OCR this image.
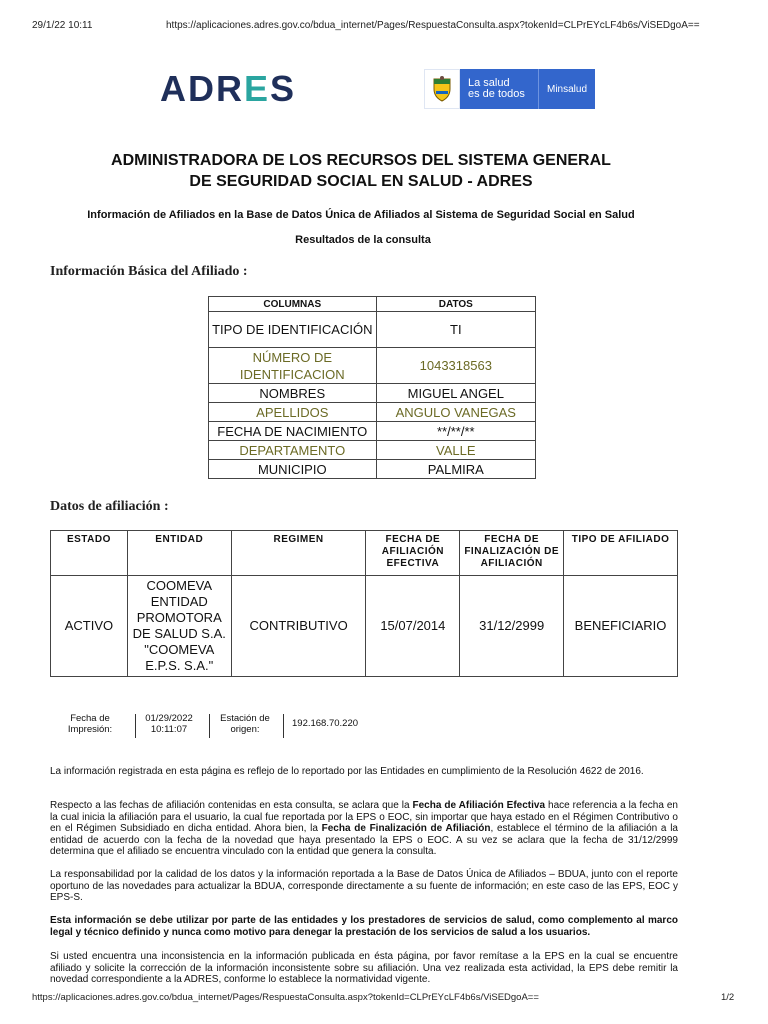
29/1/22 10:11	https://aplicaciones.adres.gov.co/bdua_internet/Pages/RespuestaConsulta.aspx?tokenId=CLPrEYcLF4b6s/ViSEDgoA==
ADRES	La salud
es de todos	Minsalud
ADMINISTRADORA DE LOS RECURSOS DEL SISTEMA GENERAL
DE SEGURIDAD SOCIAL EN SALUD - ADRES
Información de Afiliados en la Base de Datos Única de Afiliados al Sistema de Seguridad Social en Salud
Resultados de la consulta
Información Básica del Afiliado :
COLUMNAS	DATOS
TIPO DE IDENTIFICACIÓN	TI
NÚMERO DE IDENTIFICACION	1043318563
NOMBRES	MIGUEL ANGEL
APELLIDOS	ANGULO VANEGAS
FECHA DE NACIMIENTO	**/**/**
DEPARTAMENTO	VALLE
MUNICIPIO	PALMIRA
Datos de afiliación :
ESTADO	ENTIDAD	REGIMEN	FECHA DE AFILIACIÓN EFECTIVA	FECHA DE FINALIZACIÓN DE AFILIACIÓN	TIPO DE AFILIADO
ACTIVO	COOMEVA ENTIDAD PROMOTORA DE SALUD S.A. "COOMEVA E.P.S. S.A."	CONTRIBUTIVO	15/07/2014	31/12/2999	BENEFICIARIO
Fecha de Impresión:
01/29/2022 10:11:07
Estación de origen:
192.168.70.220
La información registrada en esta página es reflejo de lo reportado por las Entidades en cumplimiento de la Resolución 4622 de 2016.
Respecto a las fechas de afiliación contenidas en esta consulta, se aclara que la Fecha de Afiliación Efectiva hace referencia a la fecha en la cual inicia la afiliación para el usuario, la cual fue reportada por la EPS o EOC, sin importar que haya estado en el Régimen Contributivo o en el Régimen Subsidiado en dicha entidad. Ahora bien, la Fecha de Finalización de Afiliación, establece el término de la afiliación a la entidad de acuerdo con la fecha de la novedad que haya presentado la EPS o EOC. A su vez se aclara que la fecha de 31/12/2999 determina que el afiliado se encuentra vinculado con la entidad que genera la consulta.
La responsabilidad por la calidad de los datos y la información reportada a la Base de Datos Única de Afiliados – BDUA, junto con el reporte oportuno de las novedades para actualizar la BDUA, corresponde directamente a su fuente de información; en este caso de las EPS, EOC y EPS-S.
Esta información se debe utilizar por parte de las entidades y los prestadores de servicios de salud, como complemento al marco legal y técnico definido y nunca como motivo para denegar la prestación de los servicios de salud a los usuarios.
Si usted encuentra una inconsistencia en la información publicada en ésta página, por favor remítase a la EPS en la cual se encuentre afiliado y solicite la corrección de la información inconsistente sobre su afiliación. Una vez realizada esta actividad, la EPS debe remitir la novedad correspondiente a la ADRES, conforme lo establece la normatividad vigente.
https://aplicaciones.adres.gov.co/bdua_internet/Pages/RespuestaConsulta.aspx?tokenId=CLPrEYcLF4b6s/ViSEDgoA==	1/2
